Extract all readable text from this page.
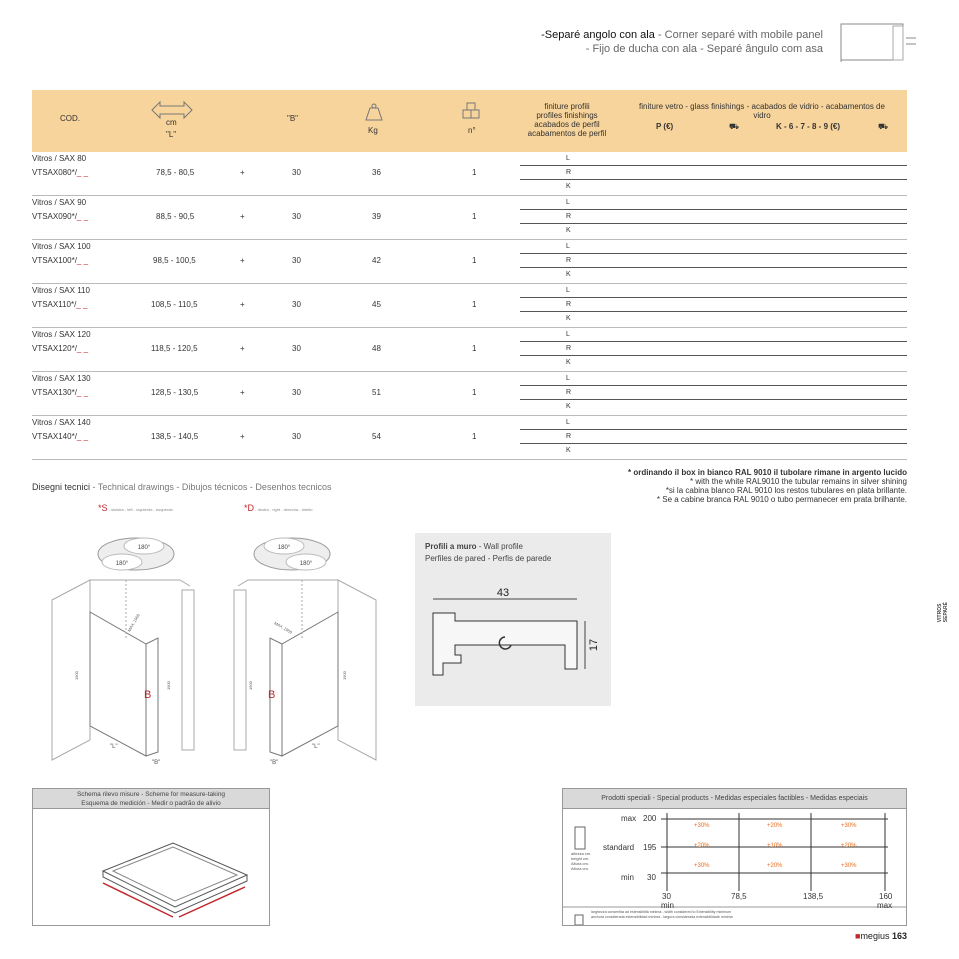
-Separé angolo con ala - Corner separé with mobile panel
- Fijo de ducha con ala - Separé ângulo com asa
COD.	cm
"L"
"B"
Kg	n°
finiture profili
profiles finishings
acabados de perfil
acabamentos de perfil
finiture vetro - glass finishings - acabados de vidrio - acabamentos de vidro
P (€)	⛟	K - 6 - 7 - 8 - 9 (€)	⛟
Vitros / SAX 80
VTSAX080*/_ _	78,5 - 80,5	+	30	36	1
L
R
K
Vitros / SAX 90
VTSAX090*/_ _	88,5 - 90,5	+	30	39	1
L
R
K
Vitros / SAX 100
VTSAX100*/_ _	98,5 - 100,5	+	30	42	1
L
R
K
Vitros / SAX 110
VTSAX110*/_ _	108,5 - 110,5	+	30	45	1
L
R
K
Vitros / SAX 120
VTSAX120*/_ _	118,5 - 120,5	+	30	48	1
L
R
K
Vitros / SAX 130
VTSAX130*/_ _	128,5 - 130,5	+	30	51	1
L
R
K
Vitros / SAX 140
VTSAX140*/_ _	138,5 - 140,5	+	30	54	1
L
R
K
* ordinando il box in bianco RAL 9010 il tubolare rimane in argento lucido
* with the white RAL9010 the tubular remains in silver shining
*si la cabina blanco RAL 9010 los restos tubulares en plata brillante.
* Se a cabine branca RAL 9010 o tubo permanecer em prata brilhante.
Disegni tecnici - Technical drawings - Dibujos técnicos - Desenhos tecnicos
*S - sinistra - left - izquierda - esquerda	*D - destra - right - derecha - direito
180°
180°
B
"L"
"B"
1900
1900
MAX. 1950
180°
180°
B
"L"
"B"
1900
1900
MAX. 1950
Profili a muro - Wall profile
Perfiles de pared - Perfis de parede
43
17
Schema rilevo misure - Scheme for measure-taking
Esquema de medición - Medir o padrão de alivio
Prodotti speciali - Special products - Medidas especiales factibles - Medidas especiais
max 200
standard 195
min 30
altezza cm.
height cm.
Altura cm.
Altura cm.
+30%	+20%	+30%
+20%	+10%	+20%
+30%	+20%	+30%
30
min
78,5	138,5	160
max
larghezza consentita ad estensibilità minima - width considered to Extensibility minimum
anchura considerada extensibilidad mínima - largura considerada extensibilidade mínima
VITROS SEPARÉ
■megius 163
